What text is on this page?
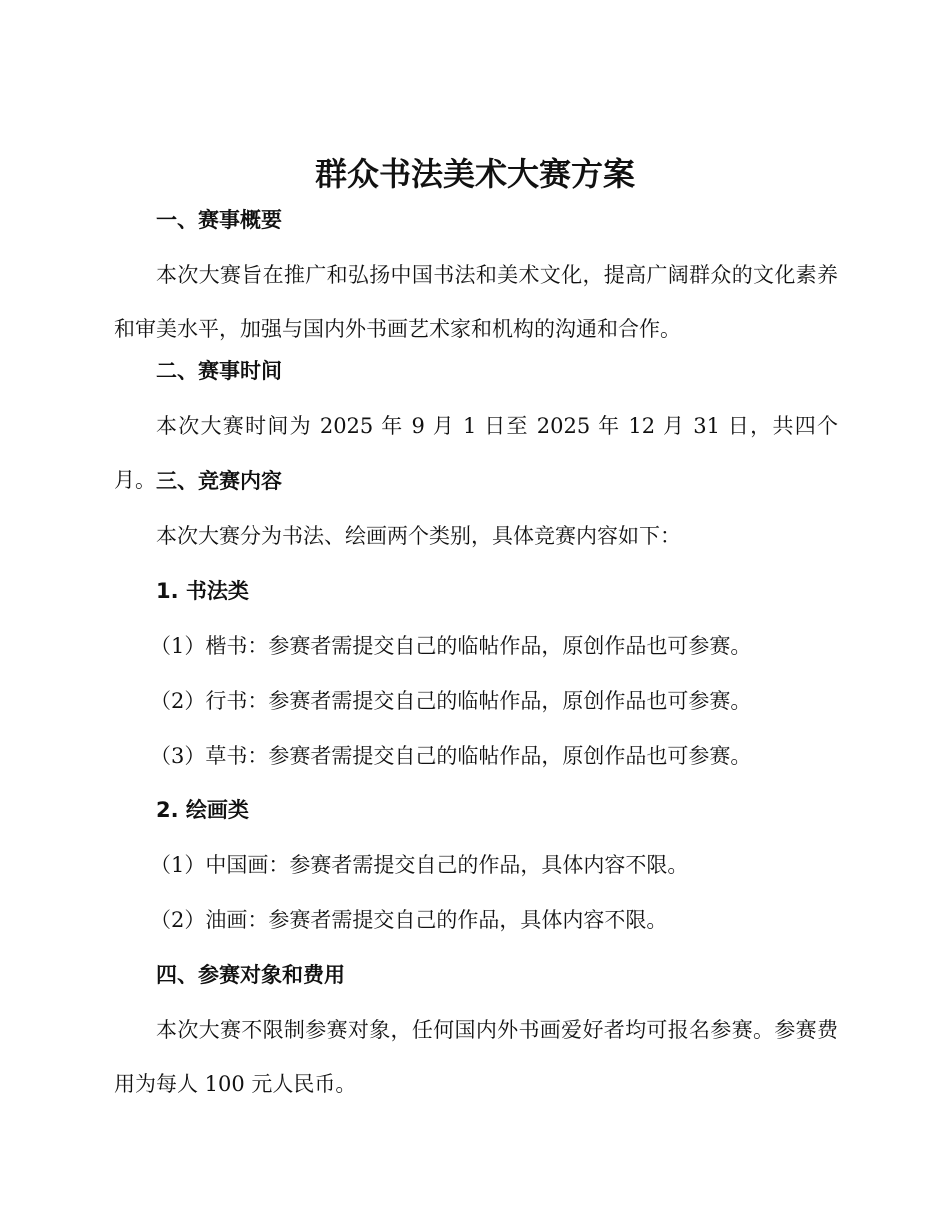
群众书法美术大赛方案
一、赛事概要

本次大赛旨在推广和弘扬中国书法和美术文化，提高广阔群众的文化素养和审美水平，加强与国内外书画艺术家和机构的沟通和合作。

二、赛事时间

本次大赛时间为 2025 年 9 月 1 日至 2025 年 12 月 31 日，共四个月。 三、竞赛内容

本次大赛分为书法、绘画两个类别，具体竞赛内容如下：

1. 书法类

（1）楷书：参赛者需提交自己的临帖作品，原创作品也可参赛。

（2）行书：参赛者需提交自己的临帖作品，原创作品也可参赛。

（3）草书：参赛者需提交自己的临帖作品，原创作品也可参赛。

2. 绘画类

（1）中国画：参赛者需提交自己的作品，具体内容不限。

（2）油画：参赛者需提交自己的作品，具体内容不限。

四、参赛对象和费用

本次大赛不限制参赛对象，任何国内外书画爱好者均可报名参赛。参赛费用为每人 100 元人民币。
